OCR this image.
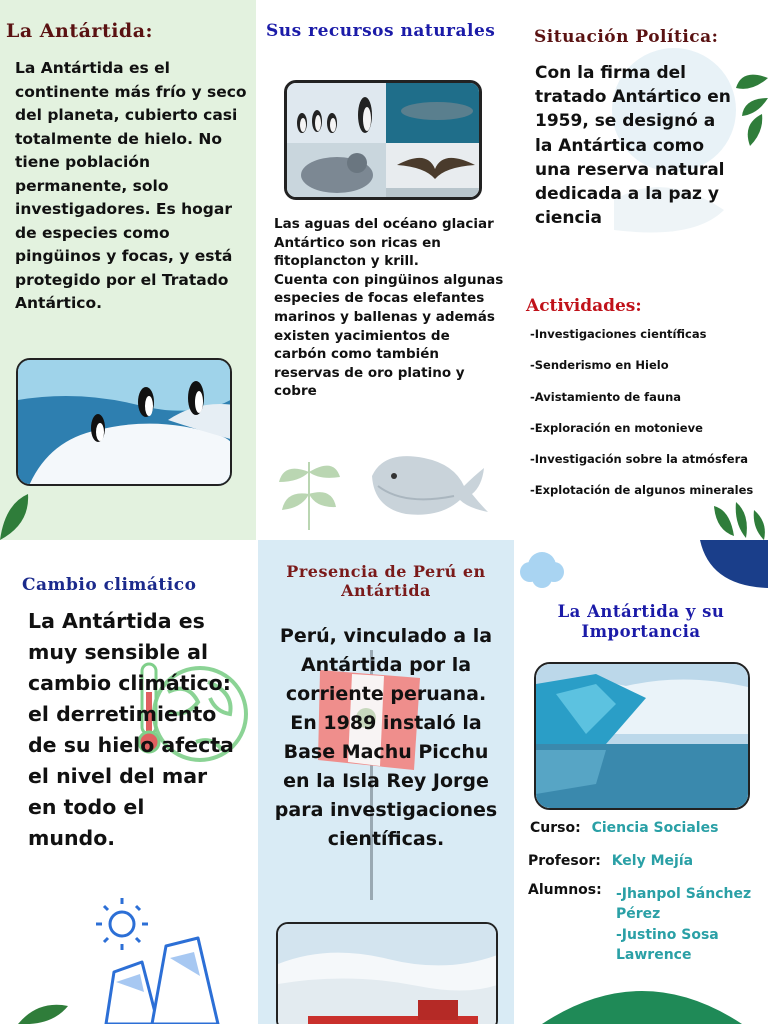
La Antártida:
La Antártida es el continente más frío y seco del planeta, cubierto casi totalmente de hielo. No tiene población permanente, solo investigadores. Es hogar de especies como pingüinos y focas, y está protegido por el Tratado Antártico.
Sus recursos naturales
Las aguas del océano glaciar Antártico son ricas en fitoplancton y krill.
Cuenta con pingüinos algunas especies de focas elefantes marinos y ballenas y además existen yacimientos de carbón como también reservas de oro platino y cobre
Situación Política:
Con la firma del tratado Antártico en 1959, se designó a la Antártica como una reserva natural dedicada a la paz y ciencia
Actividades:
-Investigaciones científicas
-Senderismo en Hielo
-Avistamiento de fauna
-Exploración en motonieve
-Investigación sobre la atmósfera
-Explotación de algunos minerales
Cambio climático
La Antártida es muy sensible al cambio climático: el derretimiento de su hielo afecta el nivel del mar en todo el mundo.
Presencia de Perú en Antártida
Perú, vinculado a la Antártida por la corriente peruana. En 1989 instaló la Base Machu Picchu en la Isla Rey Jorge para investigaciones científicas.
La Antártida y su Importancia
Curso: Ciencia Sociales
Profesor: Kely Mejía
Alumnos: -Jhanpol Sánchez Pérez
-Justino Sosa Lawrence
